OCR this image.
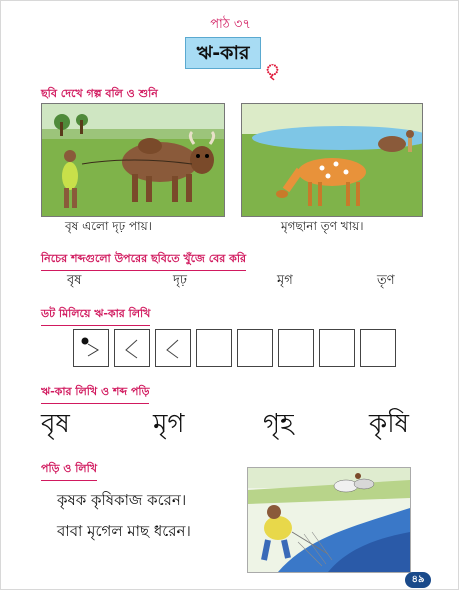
পাঠ ৩৭
ঋ-কার
ৃ
ছবি দেখে গল্প বলি ও শুনি
বৃষ এলো দৃঢ় পায়।	মৃগছানা তৃণ খায়।
নিচের শব্দগুলো উপরের ছবিতে খুঁজে বের করি
বৃষ	দৃঢ়	মৃগ	তৃণ
ডট মিলিয়ে ঋ-কার লিখি
ঋ-কার লিখি ও শব্দ পড়ি
বৃষ	মৃগ	গৃহ	কৃষি
পড়ি ও লিখি
কৃষক কৃষিকাজ করেন।
বাবা মৃগেল মাছ ধরেন।
৪৯
